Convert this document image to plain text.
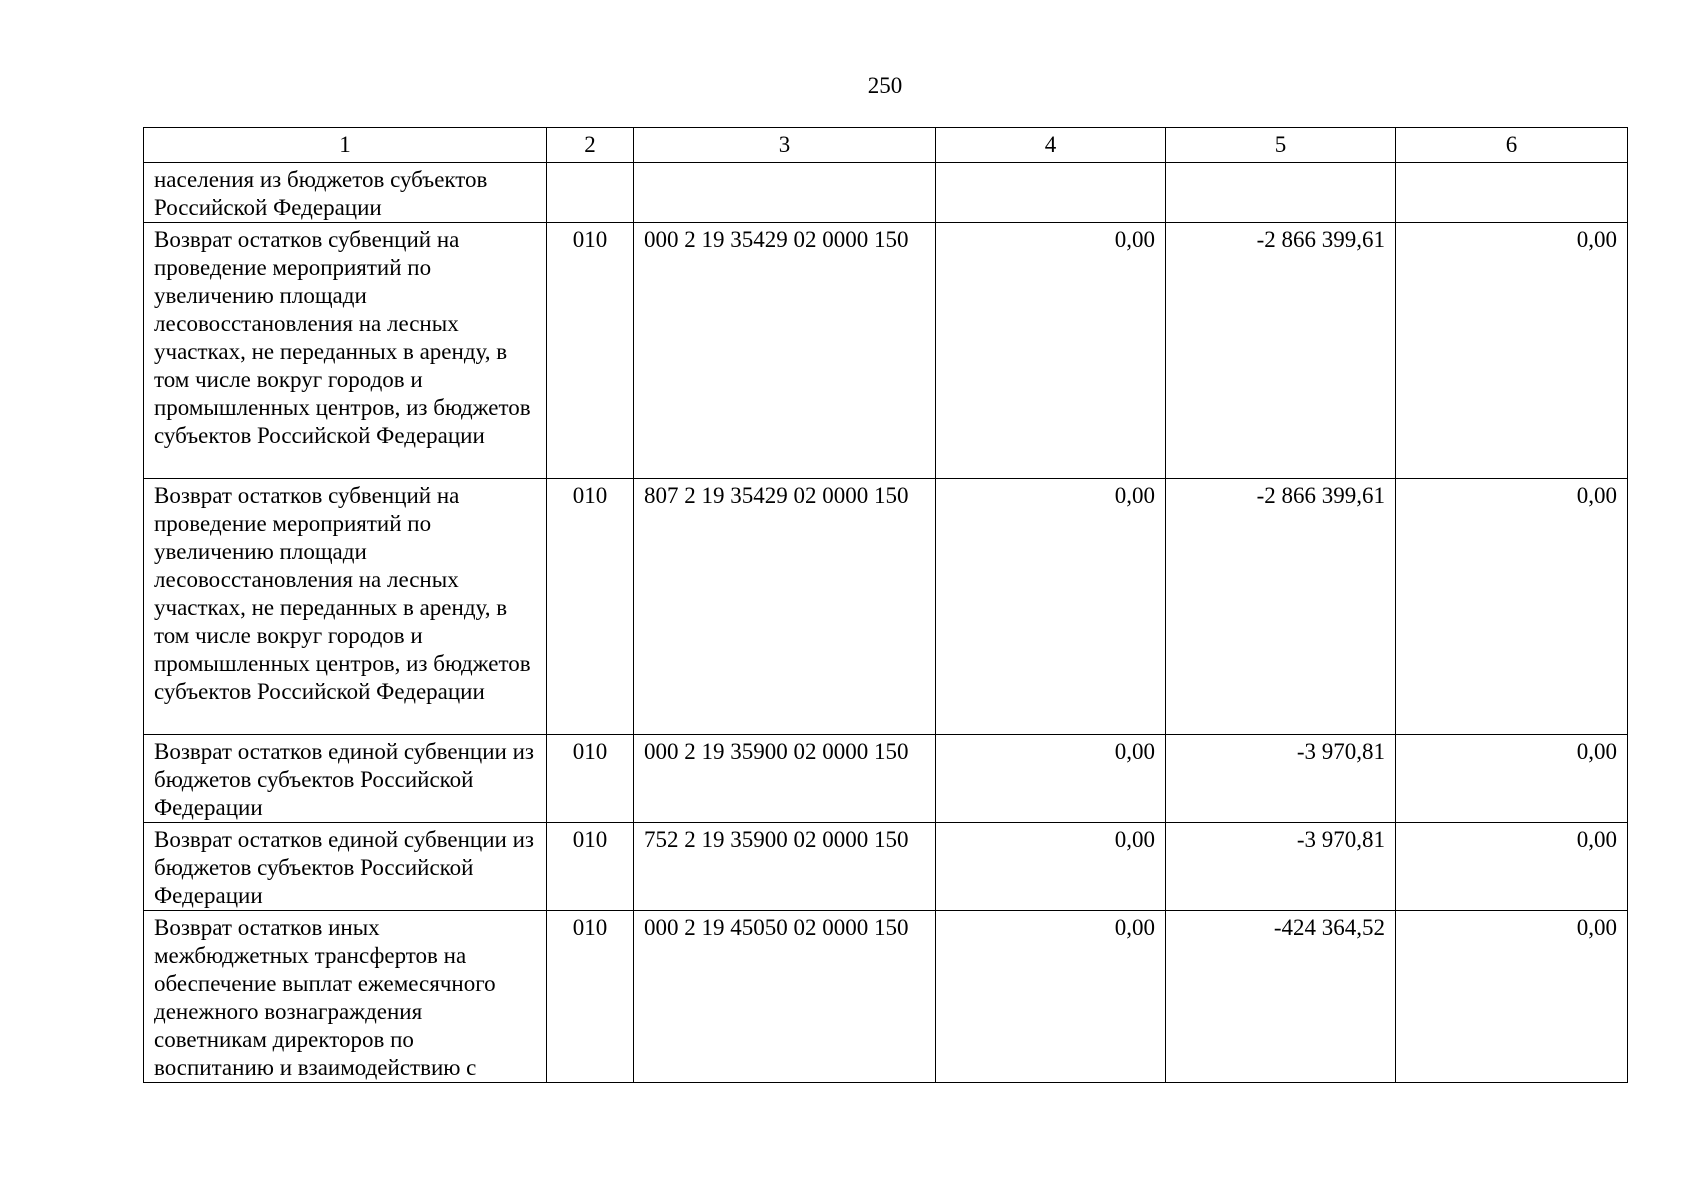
250
1	2	3	4	5	6
населения из бюджетов субъектов Российской Федерации					
Возврат остатков субвенций на проведение мероприятий по увеличению площади лесовосстановления на лесных участках, не переданных в аренду, в том числе вокруг городов и промышленных центров, из бюджетов субъектов Российской Федерации	010	000 2 19 35429 02 0000 150	0,00	-2 866 399,61	0,00
Возврат остатков субвенций на проведение мероприятий по увеличению площади лесовосстановления на лесных участках, не переданных в аренду, в том числе вокруг городов и промышленных центров, из бюджетов субъектов Российской Федерации	010	807 2 19 35429 02 0000 150	0,00	-2 866 399,61	0,00
Возврат остатков единой субвенции из бюджетов субъектов Российской Федерации	010	000 2 19 35900 02 0000 150	0,00	-3 970,81	0,00
Возврат остатков единой субвенции из бюджетов субъектов Российской Федерации	010	752 2 19 35900 02 0000 150	0,00	-3 970,81	0,00
Возврат остатков иных межбюджетных трансфертов на обеспечение выплат ежемесячного денежного вознаграждения советникам директоров по воспитанию и взаимодействию с	010	000 2 19 45050 02 0000 150	0,00	-424 364,52	0,00
